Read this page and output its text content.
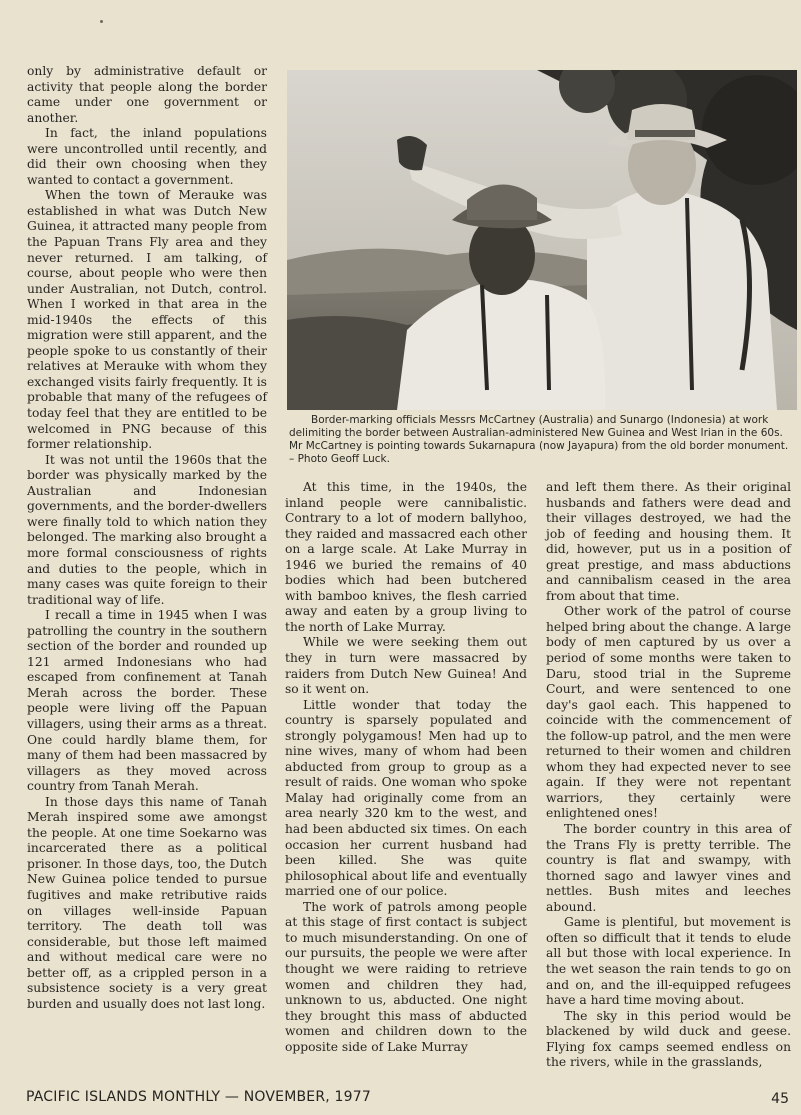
only by administrative default or activity that people along the border came under one government or another.

In fact, the inland populations were uncontrolled until recently, and did their own choosing when they wanted to contact a government.

When the town of Merauke was established in what was Dutch New Guinea, it attracted many people from the Papuan Trans Fly area and they never returned. I am talking, of course, about people who were then under Australian, not Dutch, control. When I worked in that area in the mid-1940s the effects of this migration were still apparent, and the people spoke to us constantly of their relatives at Merauke with whom they exchanged visits fairly frequently. It is probable that many of the refugees of today feel that they are entitled to be welcomed in PNG because of this former relationship.

It was not until the 1960s that the border was physically marked by the Australian and Indonesian governments, and the border-dwellers were finally told to which nation they belonged. The marking also brought a more formal consciousness of rights and duties to the people, which in many cases was quite foreign to their traditional way of life.

I recall a time in 1945 when I was patrolling the country in the southern section of the border and rounded up 121 armed Indonesians who had escaped from confinement at Tanah Merah across the border. These people were living off the Papuan villagers, using their arms as a threat. One could hardly blame them, for many of them had been massacred by villagers as they moved across country from Tanah Merah.

In those days this name of Tanah Merah inspired some awe amongst the people. At one time Soekarno was incarcerated there as a political prisoner. In those days, too, the Dutch New Guinea police tended to pursue fugitives and make retributive raids on villages well-inside Papuan territory. The death toll was considerable, but those left maimed and without medical care were no better off, as a crippled person in a subsistence society is a very great burden and usually does not last long.

Border-marking officials Messrs McCartney (Australia) and Sunargo (Indonesia) at work delimiting the border between Australian-administered New Guinea and West Irian in the 60s. Mr McCartney is pointing towards Sukarnapura (now Jayapura) from the old border monument. – Photo Geoff Luck.

At this time, in the 1940s, the inland people were cannibalistic. Contrary to a lot of modern ballyhoo, they raided and massacred each other on a large scale. At Lake Murray in 1946 we buried the remains of 40 bodies which had been butchered with bamboo knives, the flesh carried away and eaten by a group living to the north of Lake Murray.

While we were seeking them out they in turn were massacred by raiders from Dutch New Guinea! And so it went on.

Little wonder that today the country is sparsely populated and strongly polygamous! Men had up to nine wives, many of whom had been abducted from group to group as a result of raids. One woman who spoke Malay had originally come from an area nearly 320 km to the west, and had been abducted six times. On each occasion her current husband had been killed. She was quite philosophical about life and eventually married one of our police.

The work of patrols among people at this stage of first contact is subject to much misunderstanding. On one of our pursuits, the people we were after thought we were raiding to retrieve women and children they had, unknown to us, abducted. One night they brought this mass of abducted women and children down to the opposite side of Lake Murray

and left them there. As their original husbands and fathers were dead and their villages destroyed, we had the job of feeding and housing them. It did, however, put us in a position of great prestige, and mass abductions and cannibalism ceased in the area from about that time.

Other work of the patrol of course helped bring about the change. A large body of men captured by us over a period of some months were taken to Daru, stood trial in the Supreme Court, and were sentenced to one day's gaol each. This happened to coincide with the commencement of the follow-up patrol, and the men were returned to their women and children whom they had expected never to see again. If they were not repentant warriors, they certainly were enlightened ones!

The border country in this area of the Trans Fly is pretty terrible. The country is flat and swampy, with thorned sago and lawyer vines and nettles. Bush mites and leeches abound.

Game is plentiful, but movement is often so difficult that it tends to elude all but those with local experience. In the wet season the rain tends to go on and on, and the ill-equipped refugees have a hard time moving about.

The sky in this period would be blackened by wild duck and geese. Flying fox camps seemed endless on the rivers, while in the grasslands,

PACIFIC ISLANDS MONTHLY — NOVEMBER, 1977	45
